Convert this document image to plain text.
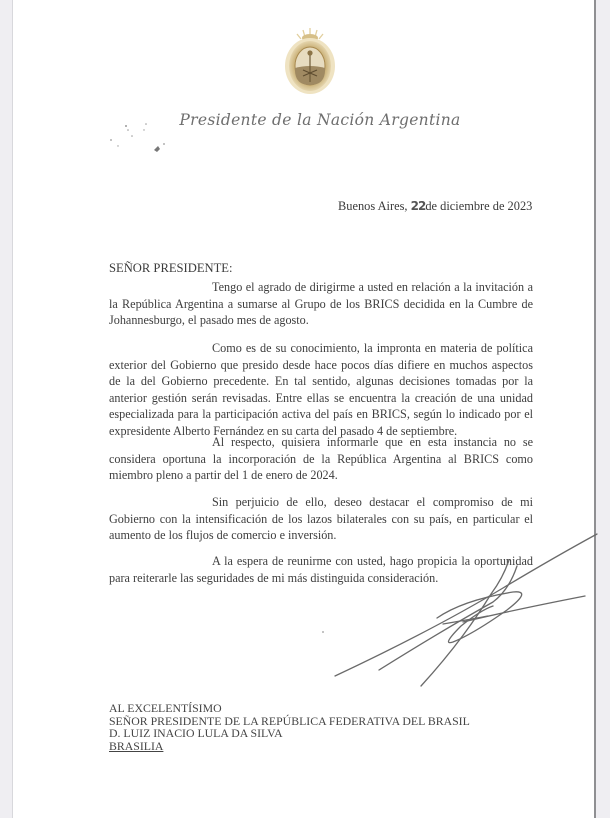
Presidente de la Nación Argentina
Buenos Aires, 22de diciembre de 2023
SEÑOR PRESIDENTE:
Tengo el agrado de dirigirme a usted en relación a la invitación a la República Argentina a sumarse al Grupo de los BRICS decidida en la Cumbre de Johannesburgo, el pasado mes de agosto.
Como es de su conocimiento, la impronta en materia de política exterior del Gobierno que presido desde hace pocos días difiere en muchos aspectos de la del Gobierno precedente. En tal sentido, algunas decisiones tomadas por la anterior gestión serán revisadas. Entre ellas se encuentra la creación de una unidad especializada para la participación activa del país en BRICS, según lo indicado por el expresidente Alberto Fernández en su carta del pasado 4 de septiembre.
Al respecto, quisiera informarle que en esta instancia no se considera oportuna la incorporación de la República Argentina al BRICS como miembro pleno a partir del 1 de enero de 2024.
Sin perjuicio de ello, deseo destacar el compromiso de mi Gobierno con la intensificación de los lazos bilaterales con su país, en particular el aumento de los flujos de comercio e inversión.
A la espera de reunirme con usted, hago propicia la oportunidad para reiterarle las seguridades de mi más distinguida consideración.
AL EXCELENTÍSIMO
SEÑOR PRESIDENTE DE LA REPÚBLICA FEDERATIVA DEL BRASIL
D. LUIZ INACIO LULA DA SILVA
BRASILIA
